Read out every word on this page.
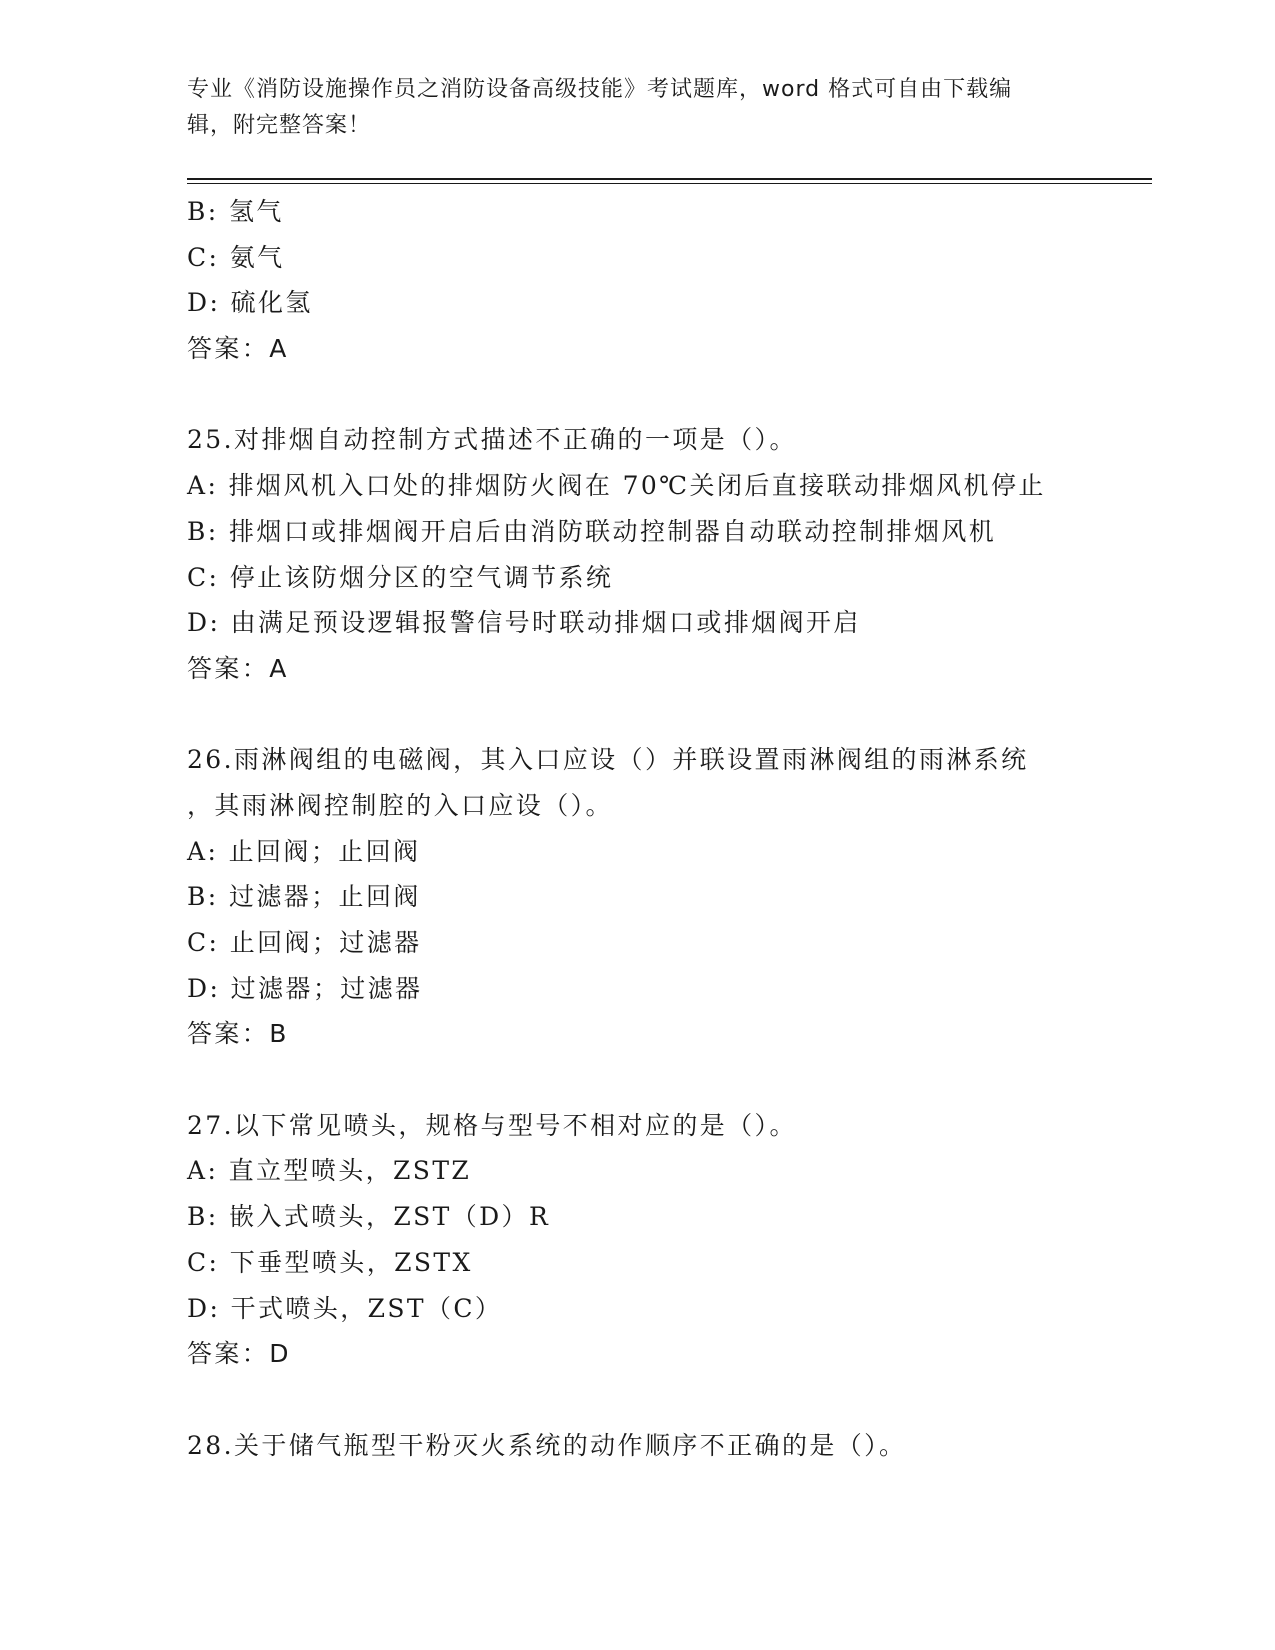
专业《消防设施操作员之消防设备高级技能》考试题库，word 格式可自由下载编
辑，附完整答案！
B: 氢气
C: 氨气
D: 硫化氢
答案：A
25.对排烟自动控制方式描述不正确的一项是（）。
A: 排烟风机入口处的排烟防火阀在 70℃关闭后直接联动排烟风机停止
B: 排烟口或排烟阀开启后由消防联动控制器自动联动控制排烟风机
C: 停止该防烟分区的空气调节系统
D: 由满足预设逻辑报警信号时联动排烟口或排烟阀开启
答案：A
26.雨淋阀组的电磁阀，其入口应设（）并联设置雨淋阀组的雨淋系统
，其雨淋阀控制腔的入口应设（）。
A: 止回阀；止回阀
B: 过滤器；止回阀
C: 止回阀；过滤器
D: 过滤器；过滤器
答案：B
27.以下常见喷头，规格与型号不相对应的是（）。
A: 直立型喷头，ZSTZ
B: 嵌入式喷头，ZST（D）R
C: 下垂型喷头，ZSTX
D: 干式喷头，ZST（C）
答案：D
28.关于储气瓶型干粉灭火系统的动作顺序不正确的是（）。
